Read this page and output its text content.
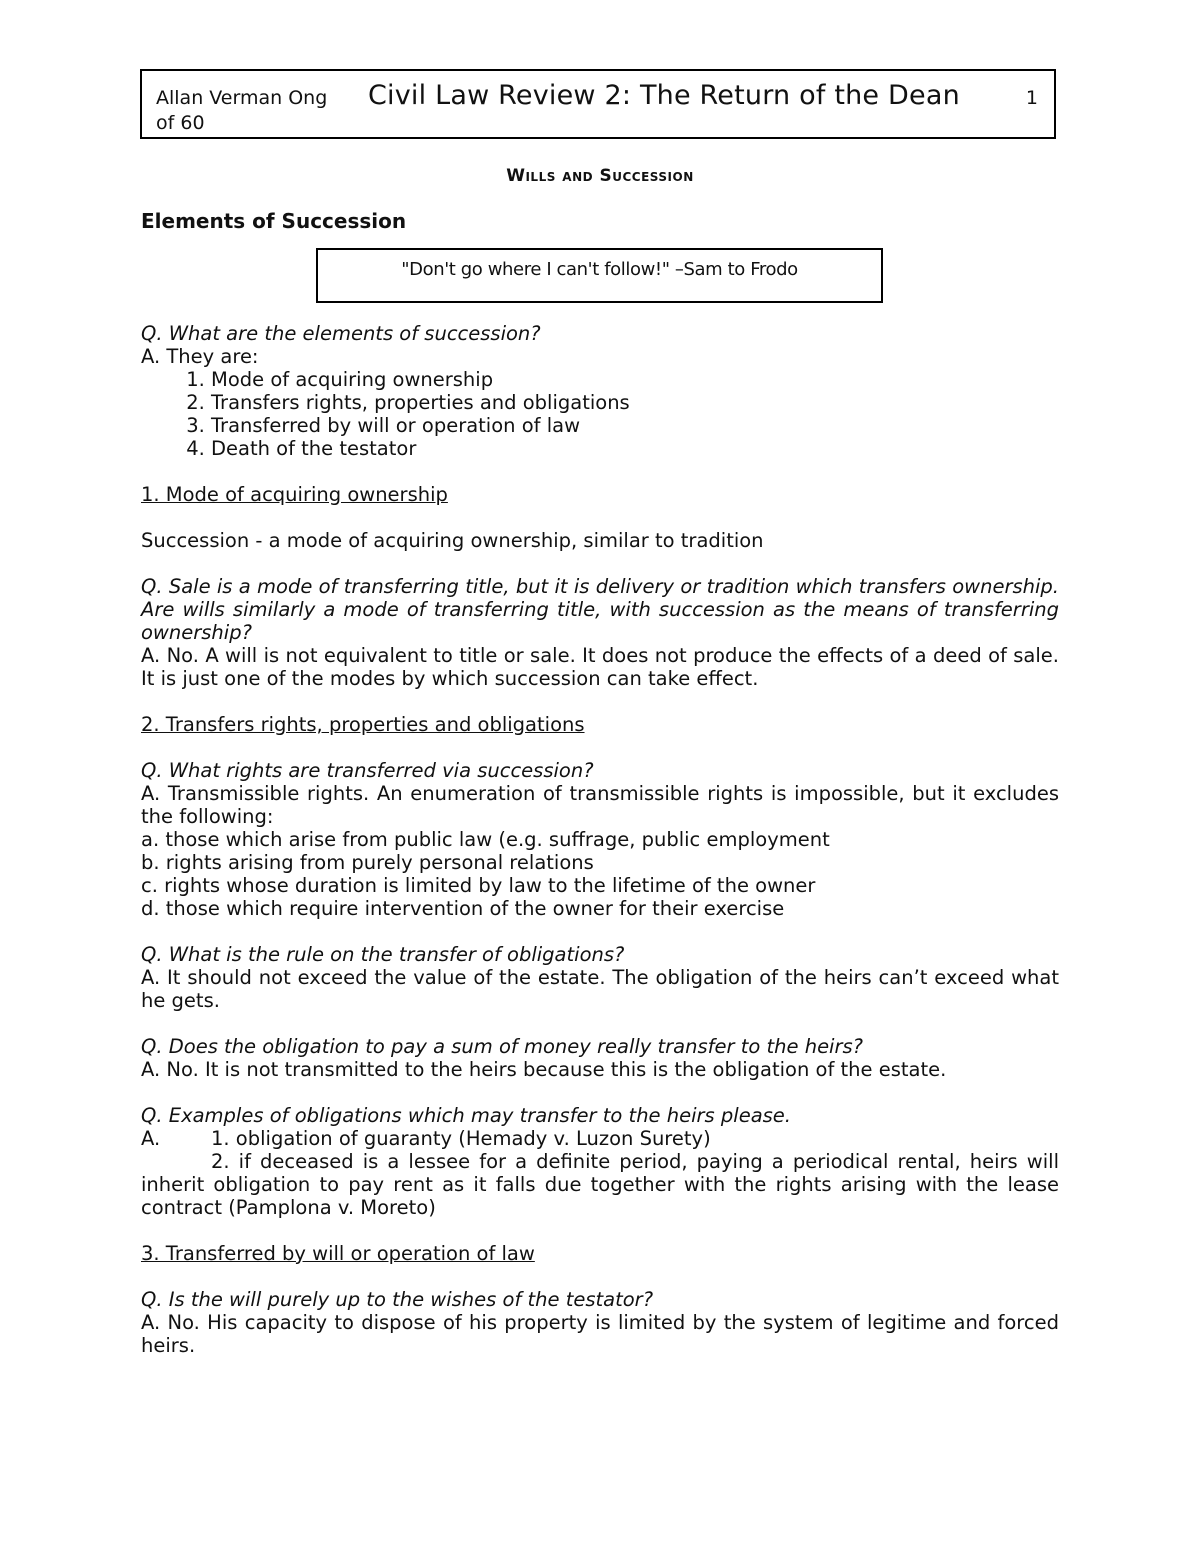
Allan Verman Ong Civil Law Review 2: The Return of the Dean	1
of 60
Wills and Succession
Elements of Succession
"Don't go where I can't follow!" –Sam to Frodo

Q. What are the elements of succession?

A. They are:

1. Mode of acquiring ownership
2. Transfers rights, properties and obligations
3. Transferred by will or operation of law
4. Death of the testator

1. Mode of acquiring ownership

Succession - a mode of acquiring ownership, similar to tradition

Q. Sale is a mode of transferring title, but it is delivery or tradition which transfers ownership. Are wills similarly a mode of transferring title, with succession as the means of transferring ownership?

A. No. A will is not equivalent to title or sale. It does not produce the effects of a deed of sale. It is just one of the modes by which succession can take effect.

2. Transfers rights, properties and obligations

Q. What rights are transferred via succession?

A. Transmissible rights. An enumeration of transmissible rights is impossible, but it excludes the following:

a. those which arise from public law (e.g. suffrage, public employment

b. rights arising from purely personal relations

c. rights whose duration is limited by law to the lifetime of the owner

d. those which require intervention of the owner for their exercise

Q. What is the rule on the transfer of obligations?

A. It should not exceed the value of the estate. The obligation of the heirs can’t exceed what he gets.

Q. Does the obligation to pay a sum of money really transfer to the heirs?

A. No. It is not transmitted to the heirs because this is the obligation of the estate.

Q. Examples of obligations which may transfer to the heirs please.

A.	1. obligation of guaranty (Hemady v. Luzon Surety)

2. if deceased is a lessee for a definite period, paying a periodical rental, heirs will inherit obligation to pay rent as it falls due together with the rights arising with the lease contract (Pamplona v. Moreto)

3. Transferred by will or operation of law

Q. Is the will purely up to the wishes of the testator?

A. No. His capacity to dispose of his property is limited by the system of legitime and forced heirs.
